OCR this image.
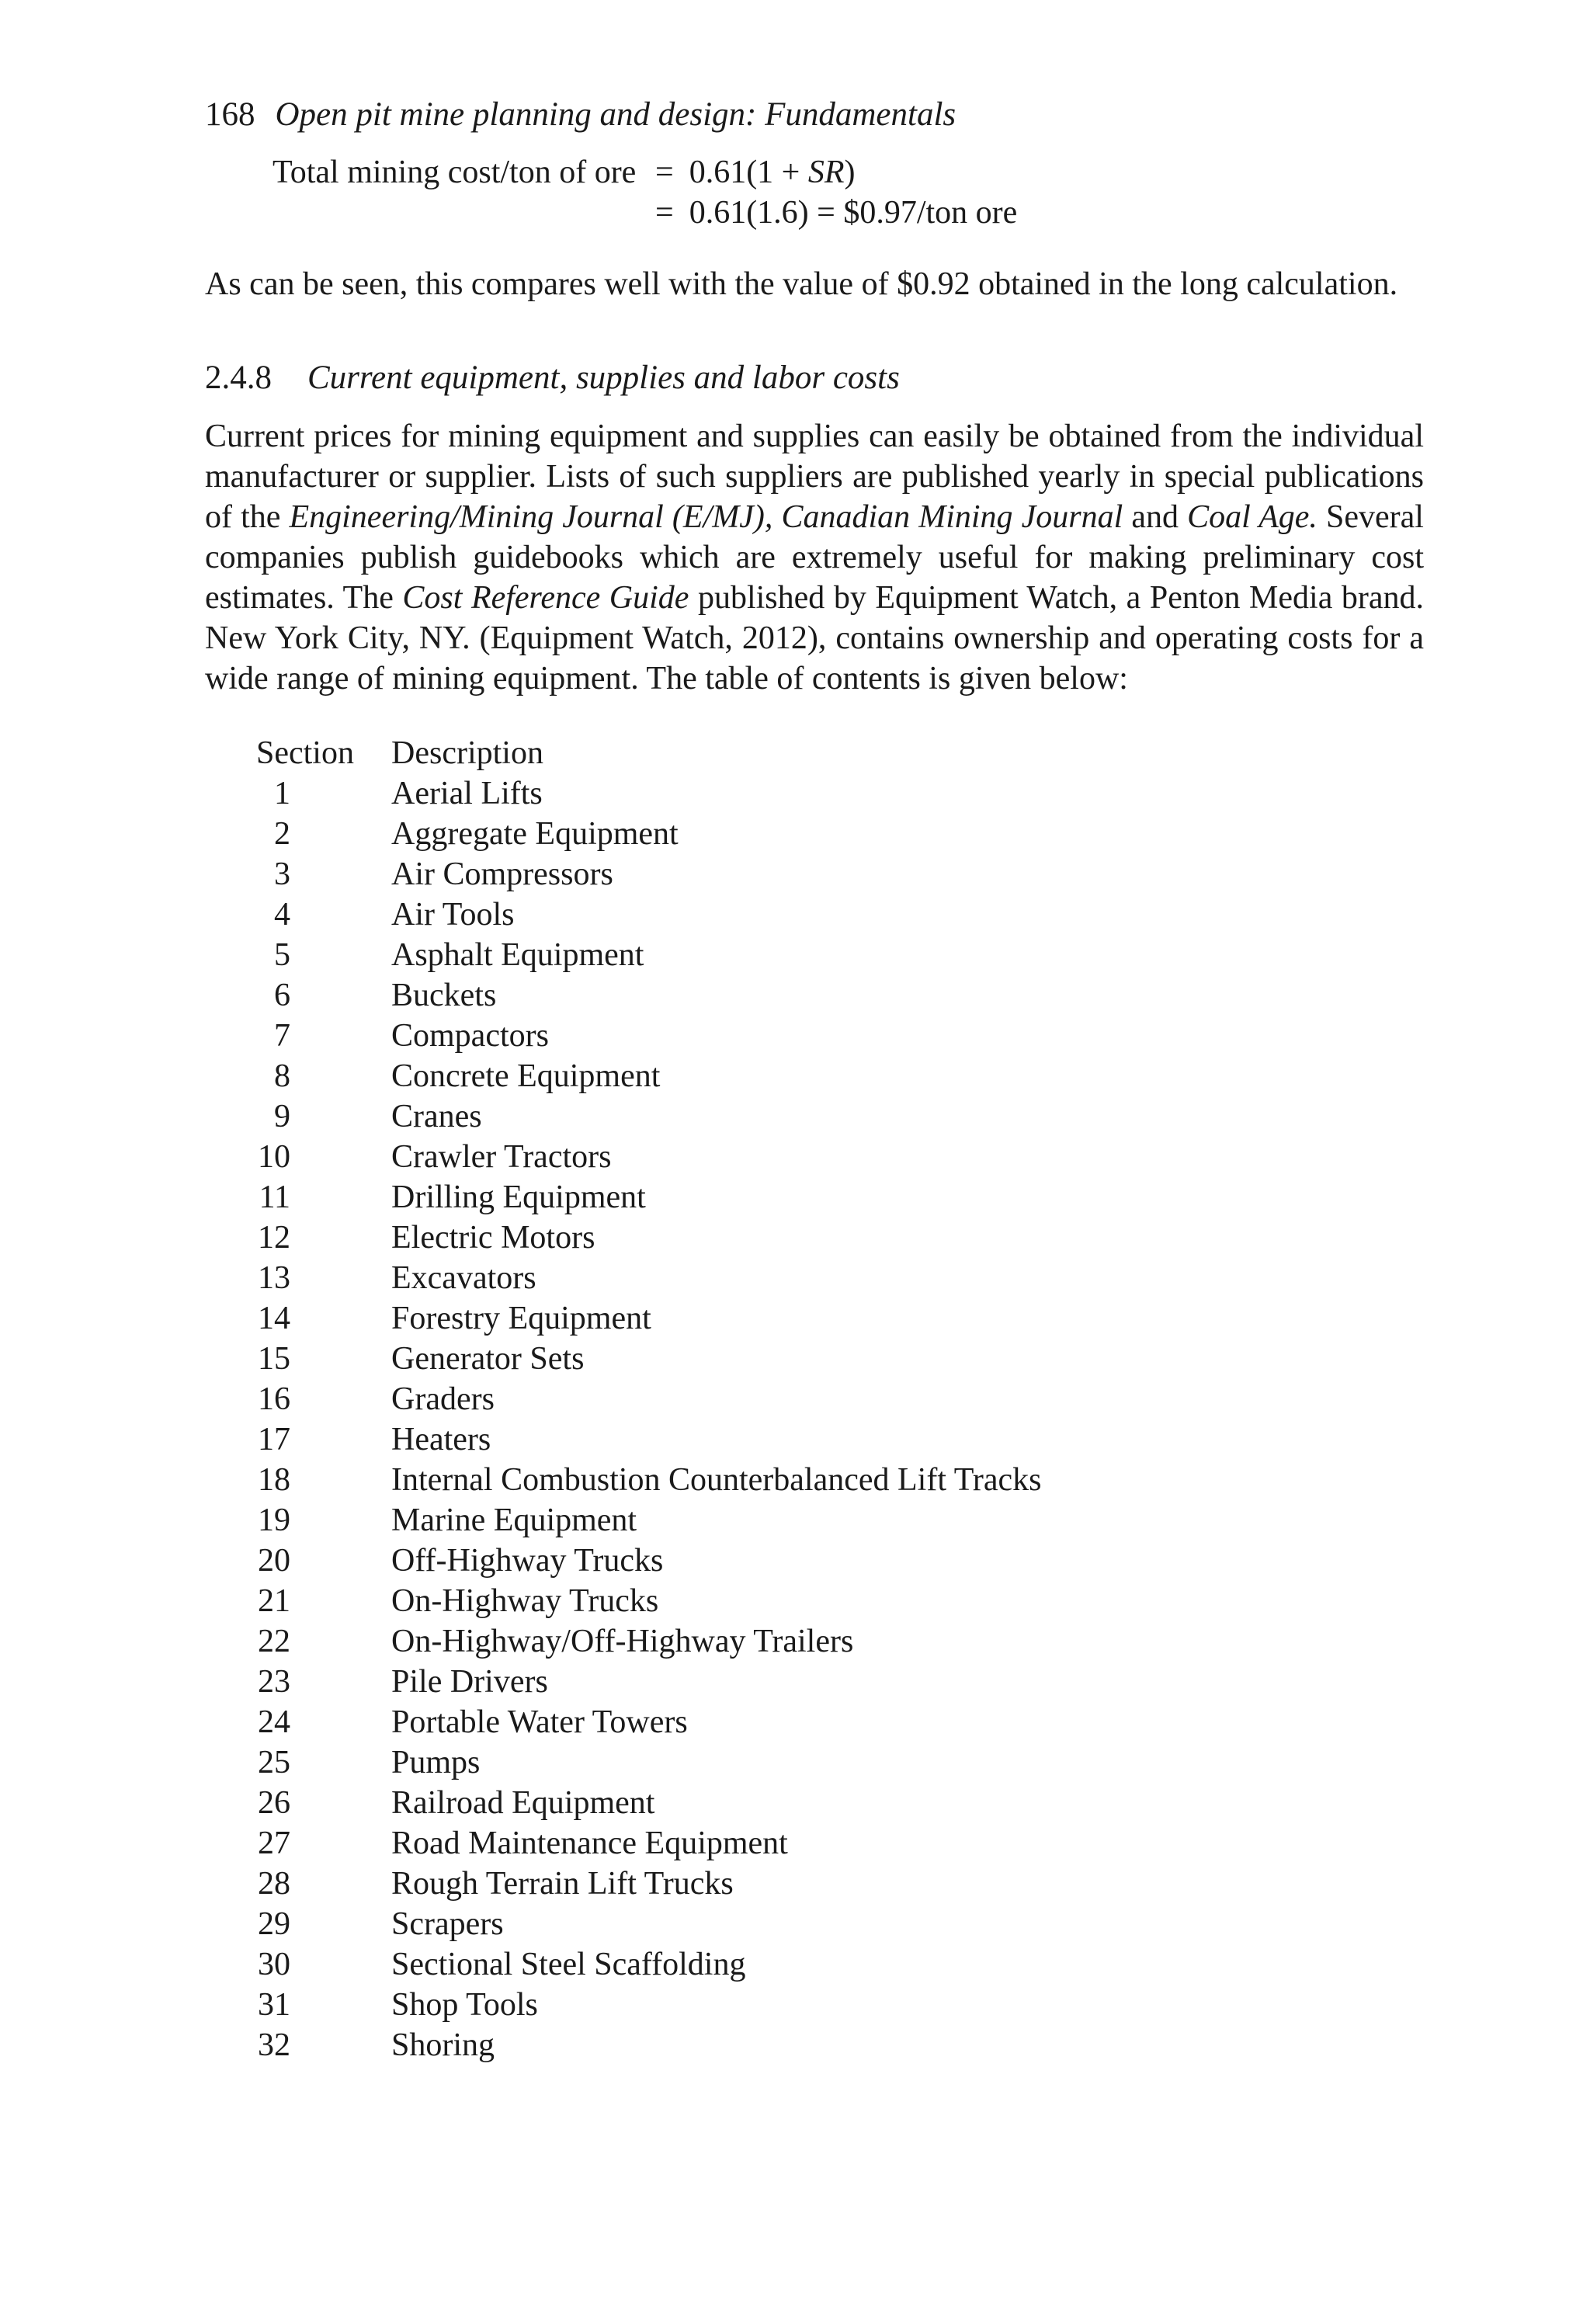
168 Open pit mine planning and design: Fundamentals
Total mining cost/ton of ore = 0.61(1 + SR)
= 0.61(1.6) = $0.97/ton ore

As can be seen, this compares well with the value of $0.92 obtained in the long calculation.

2.4.8 Current equipment, supplies and labor costs

Current prices for mining equipment and supplies can easily be obtained from the individual manufacturer or supplier. Lists of such suppliers are published yearly in special publications of the Engineering/Mining Journal (E/MJ), Canadian Mining Journal and Coal Age. Several companies publish guidebooks which are extremely useful for making preliminary cost estimates. The Cost Reference Guide published by Equipment Watch, a Penton Media brand. New York City, NY. (Equipment Watch, 2012), contains ownership and operating costs for a wide range of mining equipment. The table of contents is given below:

Section	Description
1	Aerial Lifts
2	Aggregate Equipment
3	Air Compressors
4	Air Tools
5	Asphalt Equipment
6	Buckets
7	Compactors
8	Concrete Equipment
9	Cranes
10	Crawler Tractors
11	Drilling Equipment
12	Electric Motors
13	Excavators
14	Forestry Equipment
15	Generator Sets
16	Graders
17	Heaters
18	Internal Combustion Counterbalanced Lift Tracks
19	Marine Equipment
20	Off-Highway Trucks
21	On-Highway Trucks
22	On-Highway/Off-Highway Trailers
23	Pile Drivers
24	Portable Water Towers
25	Pumps
26	Railroad Equipment
27	Road Maintenance Equipment
28	Rough Terrain Lift Trucks
29	Scrapers
30	Sectional Steel Scaffolding
31	Shop Tools
32	Shoring
